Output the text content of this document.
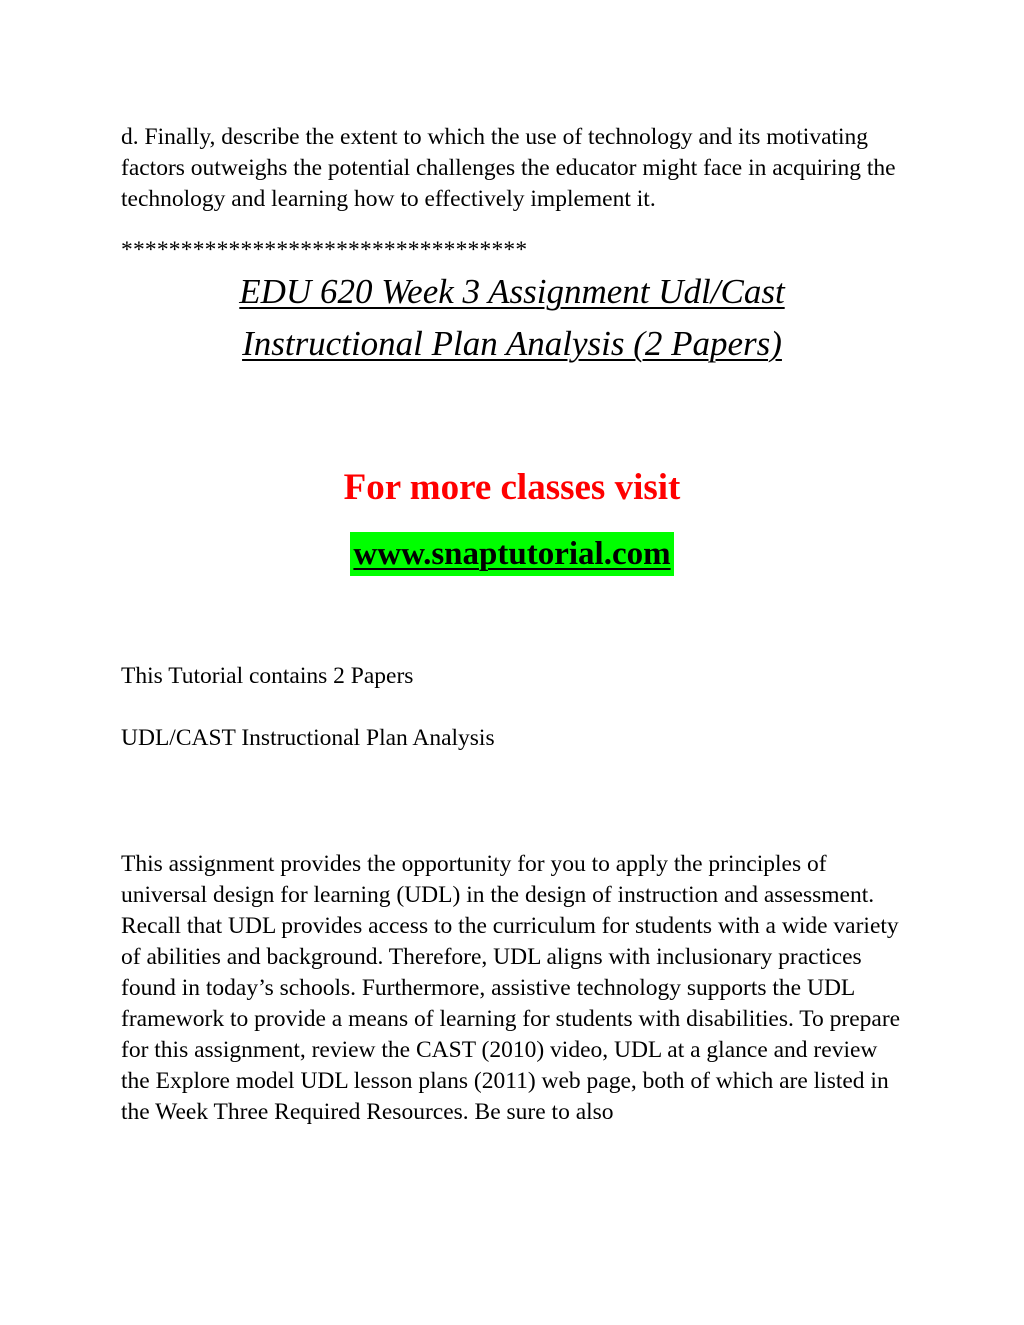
d. Finally, describe the extent to which the use of technology and its motivating factors outweighs the potential challenges the educator might face in acquiring the technology and learning how to effectively implement it.

**********************************
EDU 620 Week 3 Assignment Udl/Cast
Instructional Plan Analysis (2 Papers)
For more classes visit
www.snaptutorial.com
This Tutorial contains 2 Papers
UDL/CAST Instructional Plan Analysis

This assignment provides the opportunity for you to apply the principles of universal design for learning (UDL) in the design of instruction and assessment. Recall that UDL provides access to the curriculum for students with a wide variety of abilities and background. Therefore, UDL aligns with inclusionary practices found in today’s schools. Furthermore, assistive technology supports the UDL framework to provide a means of learning for students with disabilities. To prepare for this assignment, review the CAST (2010) video, UDL at a glance and review the Explore model UDL lesson plans (2011) web page, both of which are listed in the Week Three Required Resources. Be sure to also
